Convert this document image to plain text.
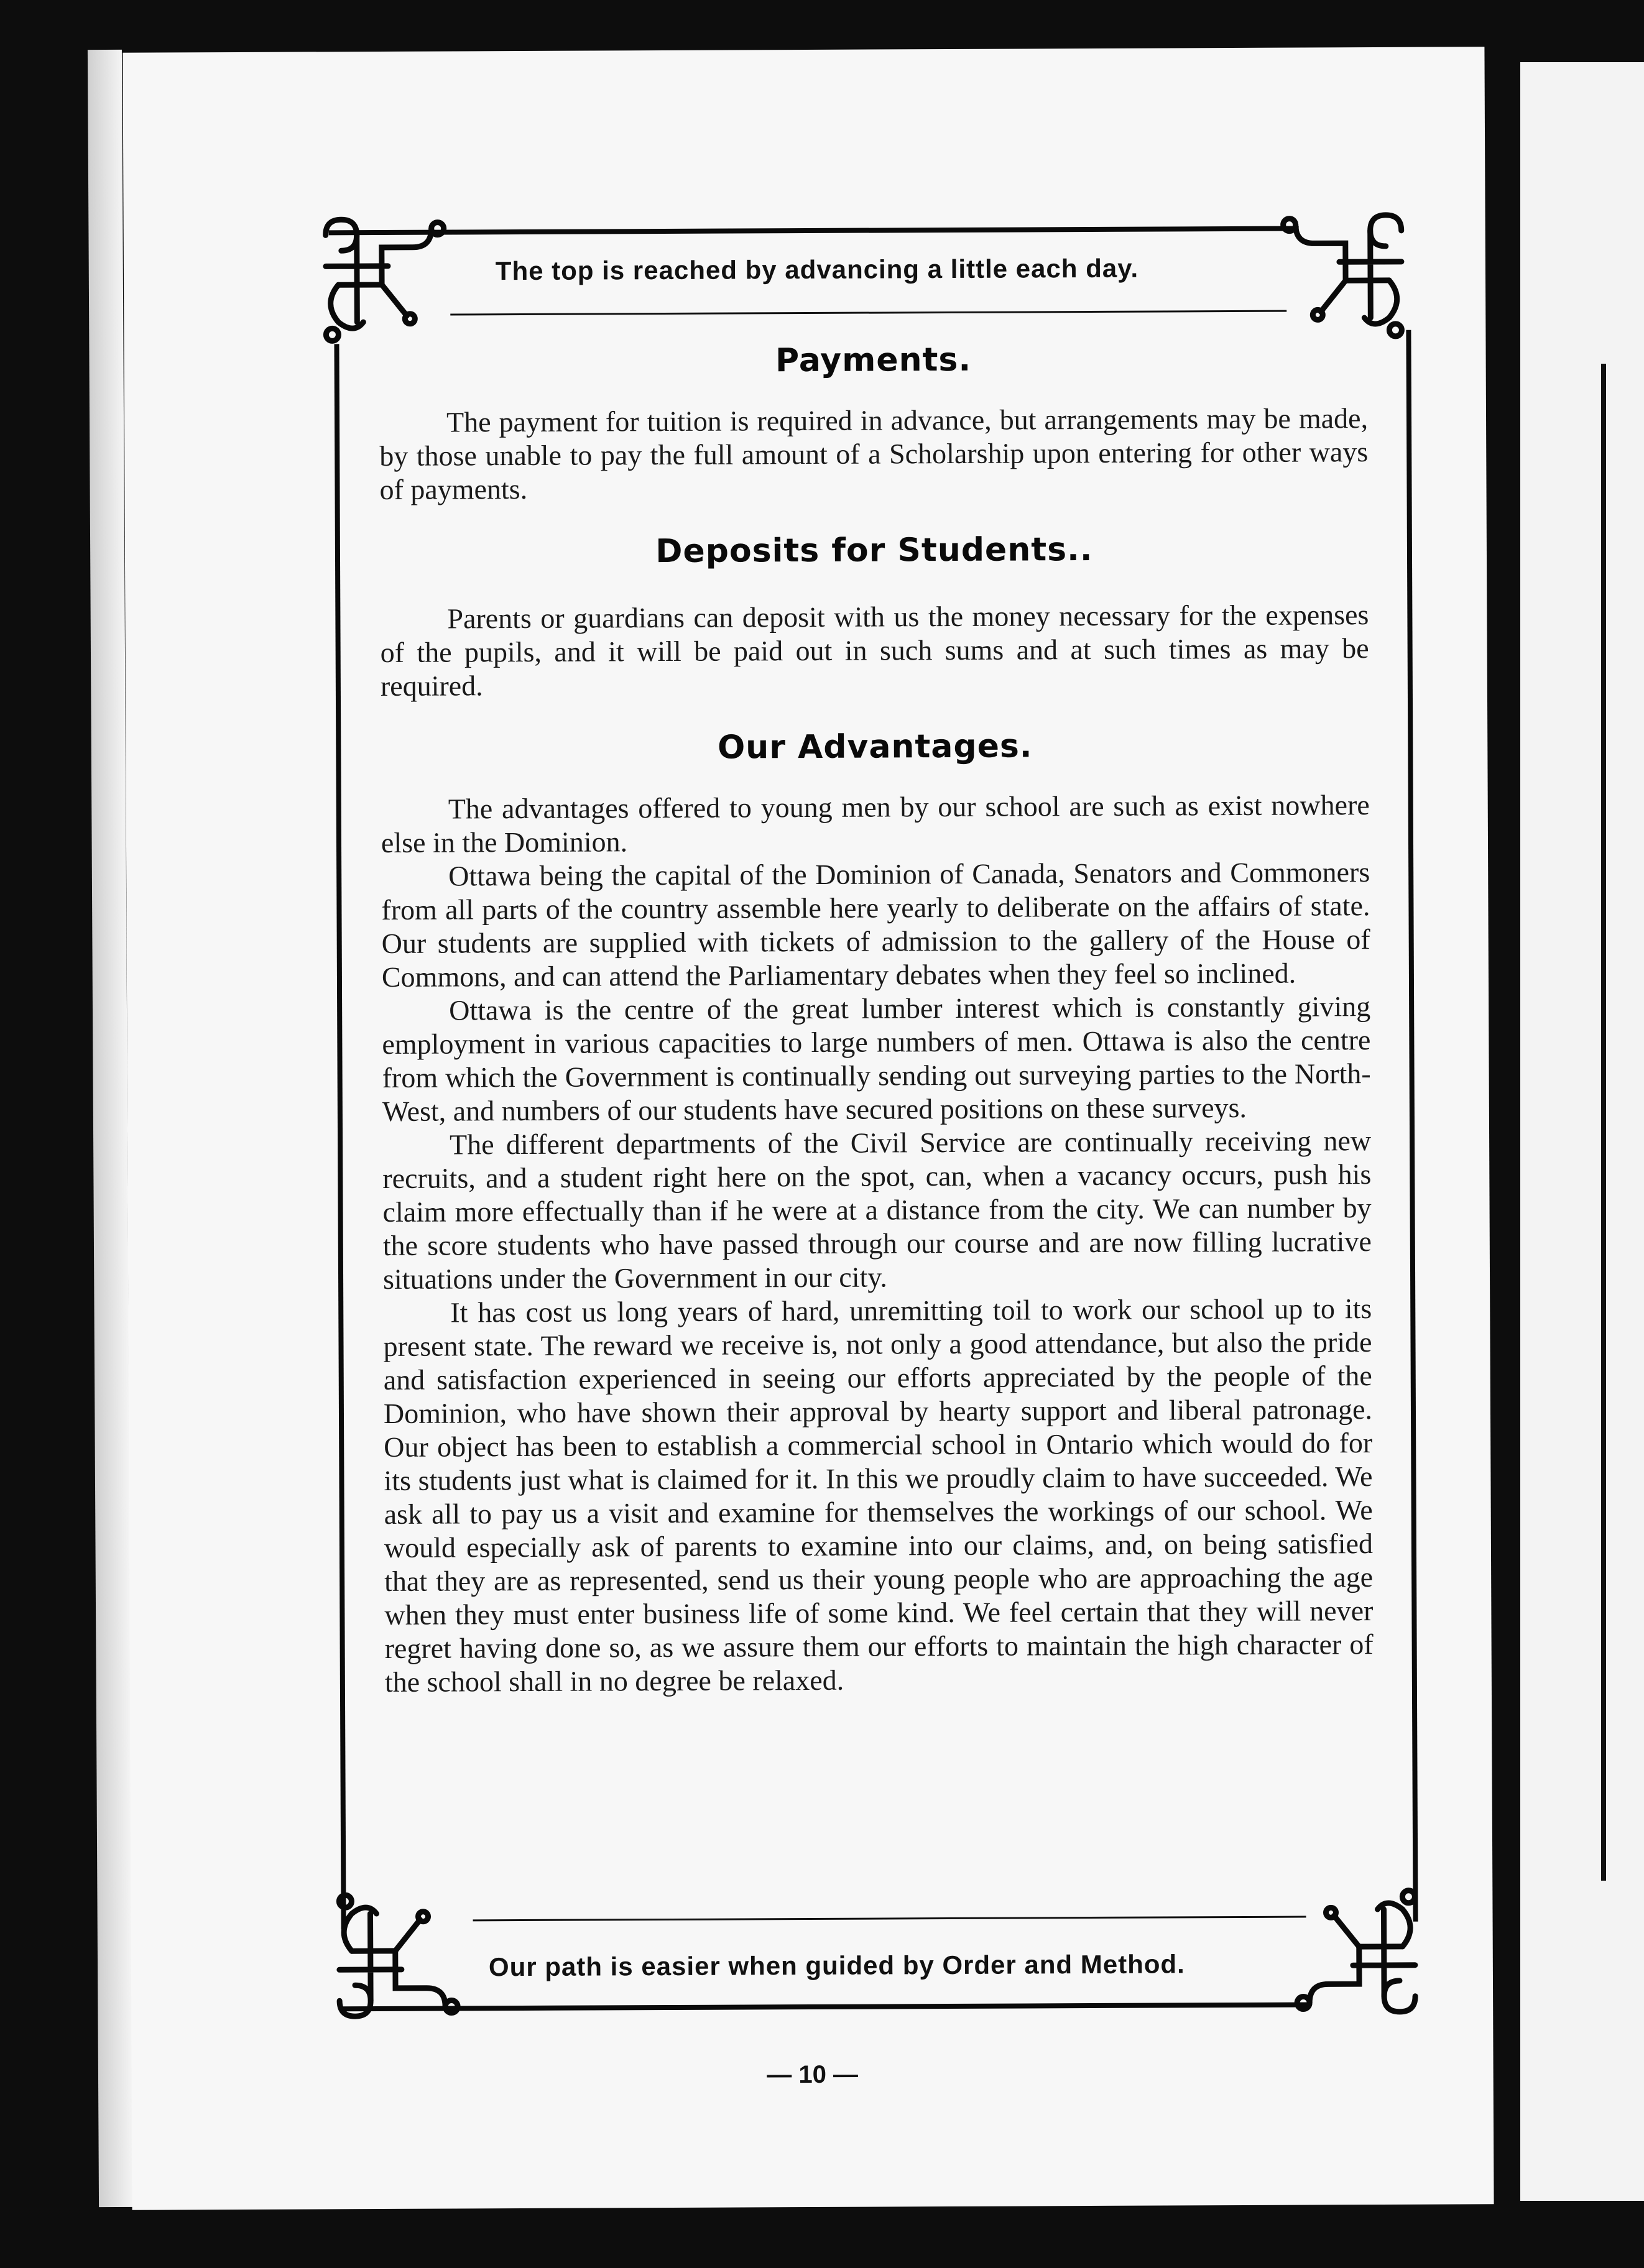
The top is reached by advancing a little each day.
Payments.

The payment for tuition is required in advance, but arrangements may be made, by those unable to pay the full amount of a Scholarship upon entering for other ways of payments.

Deposits for Students..

Parents or guardians can deposit with us the money necessary for the expenses of the pupils, and it will be paid out in such sums and at such times as may be required.

Our Advantages.

The advantages offered to young men by our school are such as exist nowhere else in the Dominion.

Ottawa being the capital of the Dominion of Canada, Senators and Commoners from all parts of the country assemble here yearly to deliberate on the affairs of state. Our students are supplied with tickets of admission to the gallery of the House of Commons, and can attend the Parliamentary debates when they feel so inclined.

Ottawa is the centre of the great lumber interest which is constantly giving employment in various capacities to large numbers of men. Ottawa is also the centre from which the Government is continually sending out surveying parties to the North-West, and numbers of our students have secured positions on these surveys.

The different departments of the Civil Service are continually receiving new recruits, and a student right here on the spot, can, when a vacancy occurs, push his claim more effectually than if he were at a distance from the city. We can number by the score students who have passed through our course and are now filling lucrative situations under the Government in our city.

It has cost us long years of hard, unremitting toil to work our school up to its present state. The reward we receive is, not only a good attendance, but also the pride and satisfaction experienced in seeing our efforts appreciated by the people of the Dominion, who have shown their approval by hearty support and liberal patronage. Our object has been to establish a commercial school in Ontario which would do for its students just what is claimed for it. In this we proudly claim to have succeeded. We ask all to pay us a visit and examine for themselves the workings of our school. We would especially ask of parents to examine into our claims, and, on being satisfied that they are as represented, send us their young people who are approaching the age when they must enter business life of some kind. We feel certain that they will never regret having done so, as we assure them our efforts to maintain the high character of the school shall in no degree be relaxed.

Our path is easier when guided by Order and Method.
— 10 —
